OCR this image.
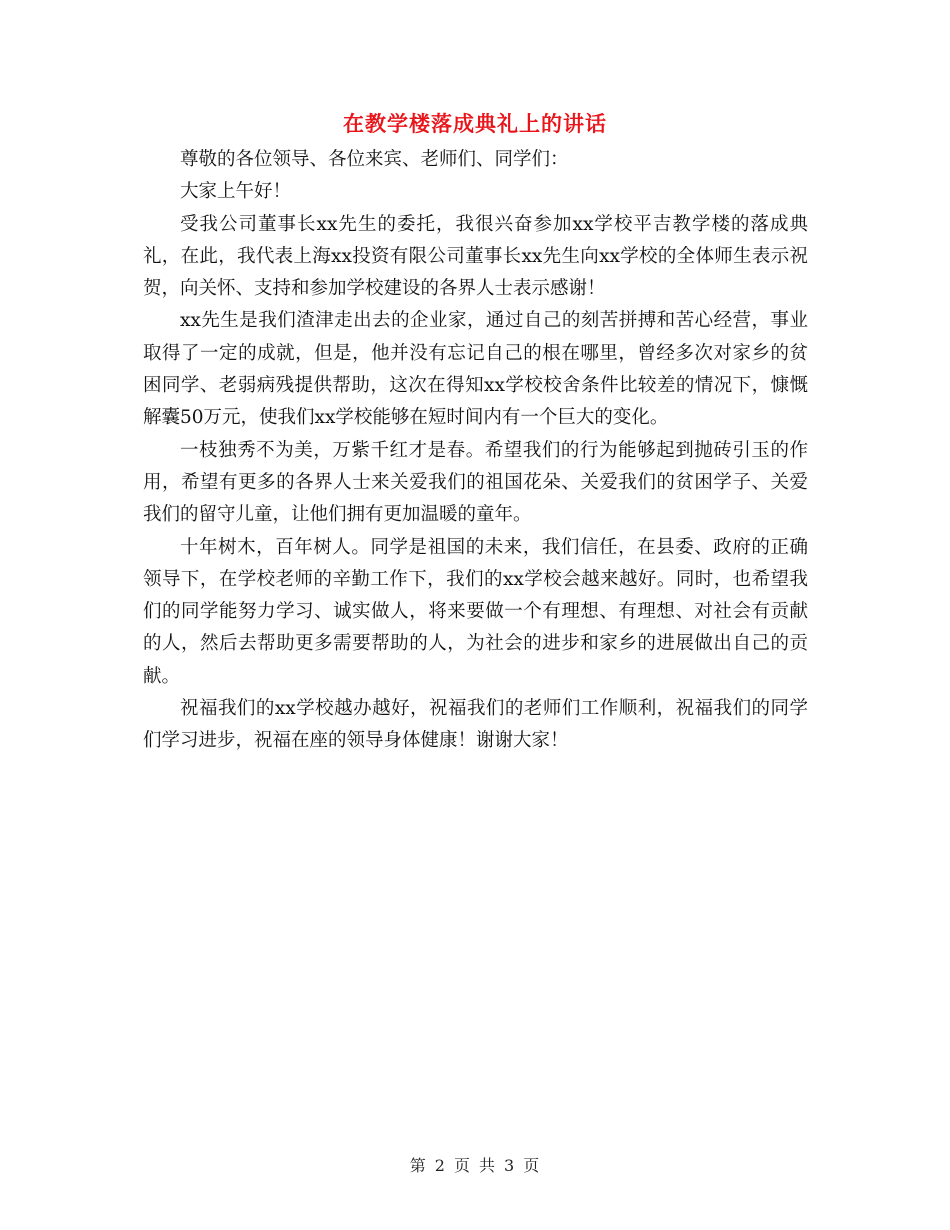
在教学楼落成典礼上的讲话

尊敬的各位领导、各位来宾、老师们、同学们：

大家上午好！

受我公司董事长xx先生的委托，我很兴奋参加xx学校平吉教学楼的落成典礼，在此，我代表上海xx投资有限公司董事长xx先生向xx学校的全体师生表示祝贺，向关怀、支持和参加学校建设的各界人士表示感谢！

xx先生是我们渣津走出去的企业家，通过自己的刻苦拼搏和苦心经营，事业取得了一定的成就，但是，他并没有忘记自己的根在哪里，曾经多次对家乡的贫困同学、老弱病残提供帮助，这次在得知xx学校校舍条件比较差的情况下，慷慨解囊50万元，使我们xx学校能够在短时间内有一个巨大的变化。

一枝独秀不为美，万紫千红才是春。希望我们的行为能够起到抛砖引玉的作用，希望有更多的各界人士来关爱我们的祖国花朵、关爱我们的贫困学子、关爱我们的留守儿童，让他们拥有更加温暖的童年。

十年树木，百年树人。同学是祖国的未来，我们信任，在县委、政府的正确领导下，在学校老师的辛勤工作下，我们的xx学校会越来越好。同时，也希望我们的同学能努力学习、诚实做人，将来要做一个有理想、有理想、对社会有贡献的人，然后去帮助更多需要帮助的人，为社会的进步和家乡的进展做出自己的贡献。

祝福我们的xx学校越办越好，祝福我们的老师们工作顺利，祝福我们的同学们学习进步，祝福在座的领导身体健康！谢谢大家！

第 2 页 共 3 页
